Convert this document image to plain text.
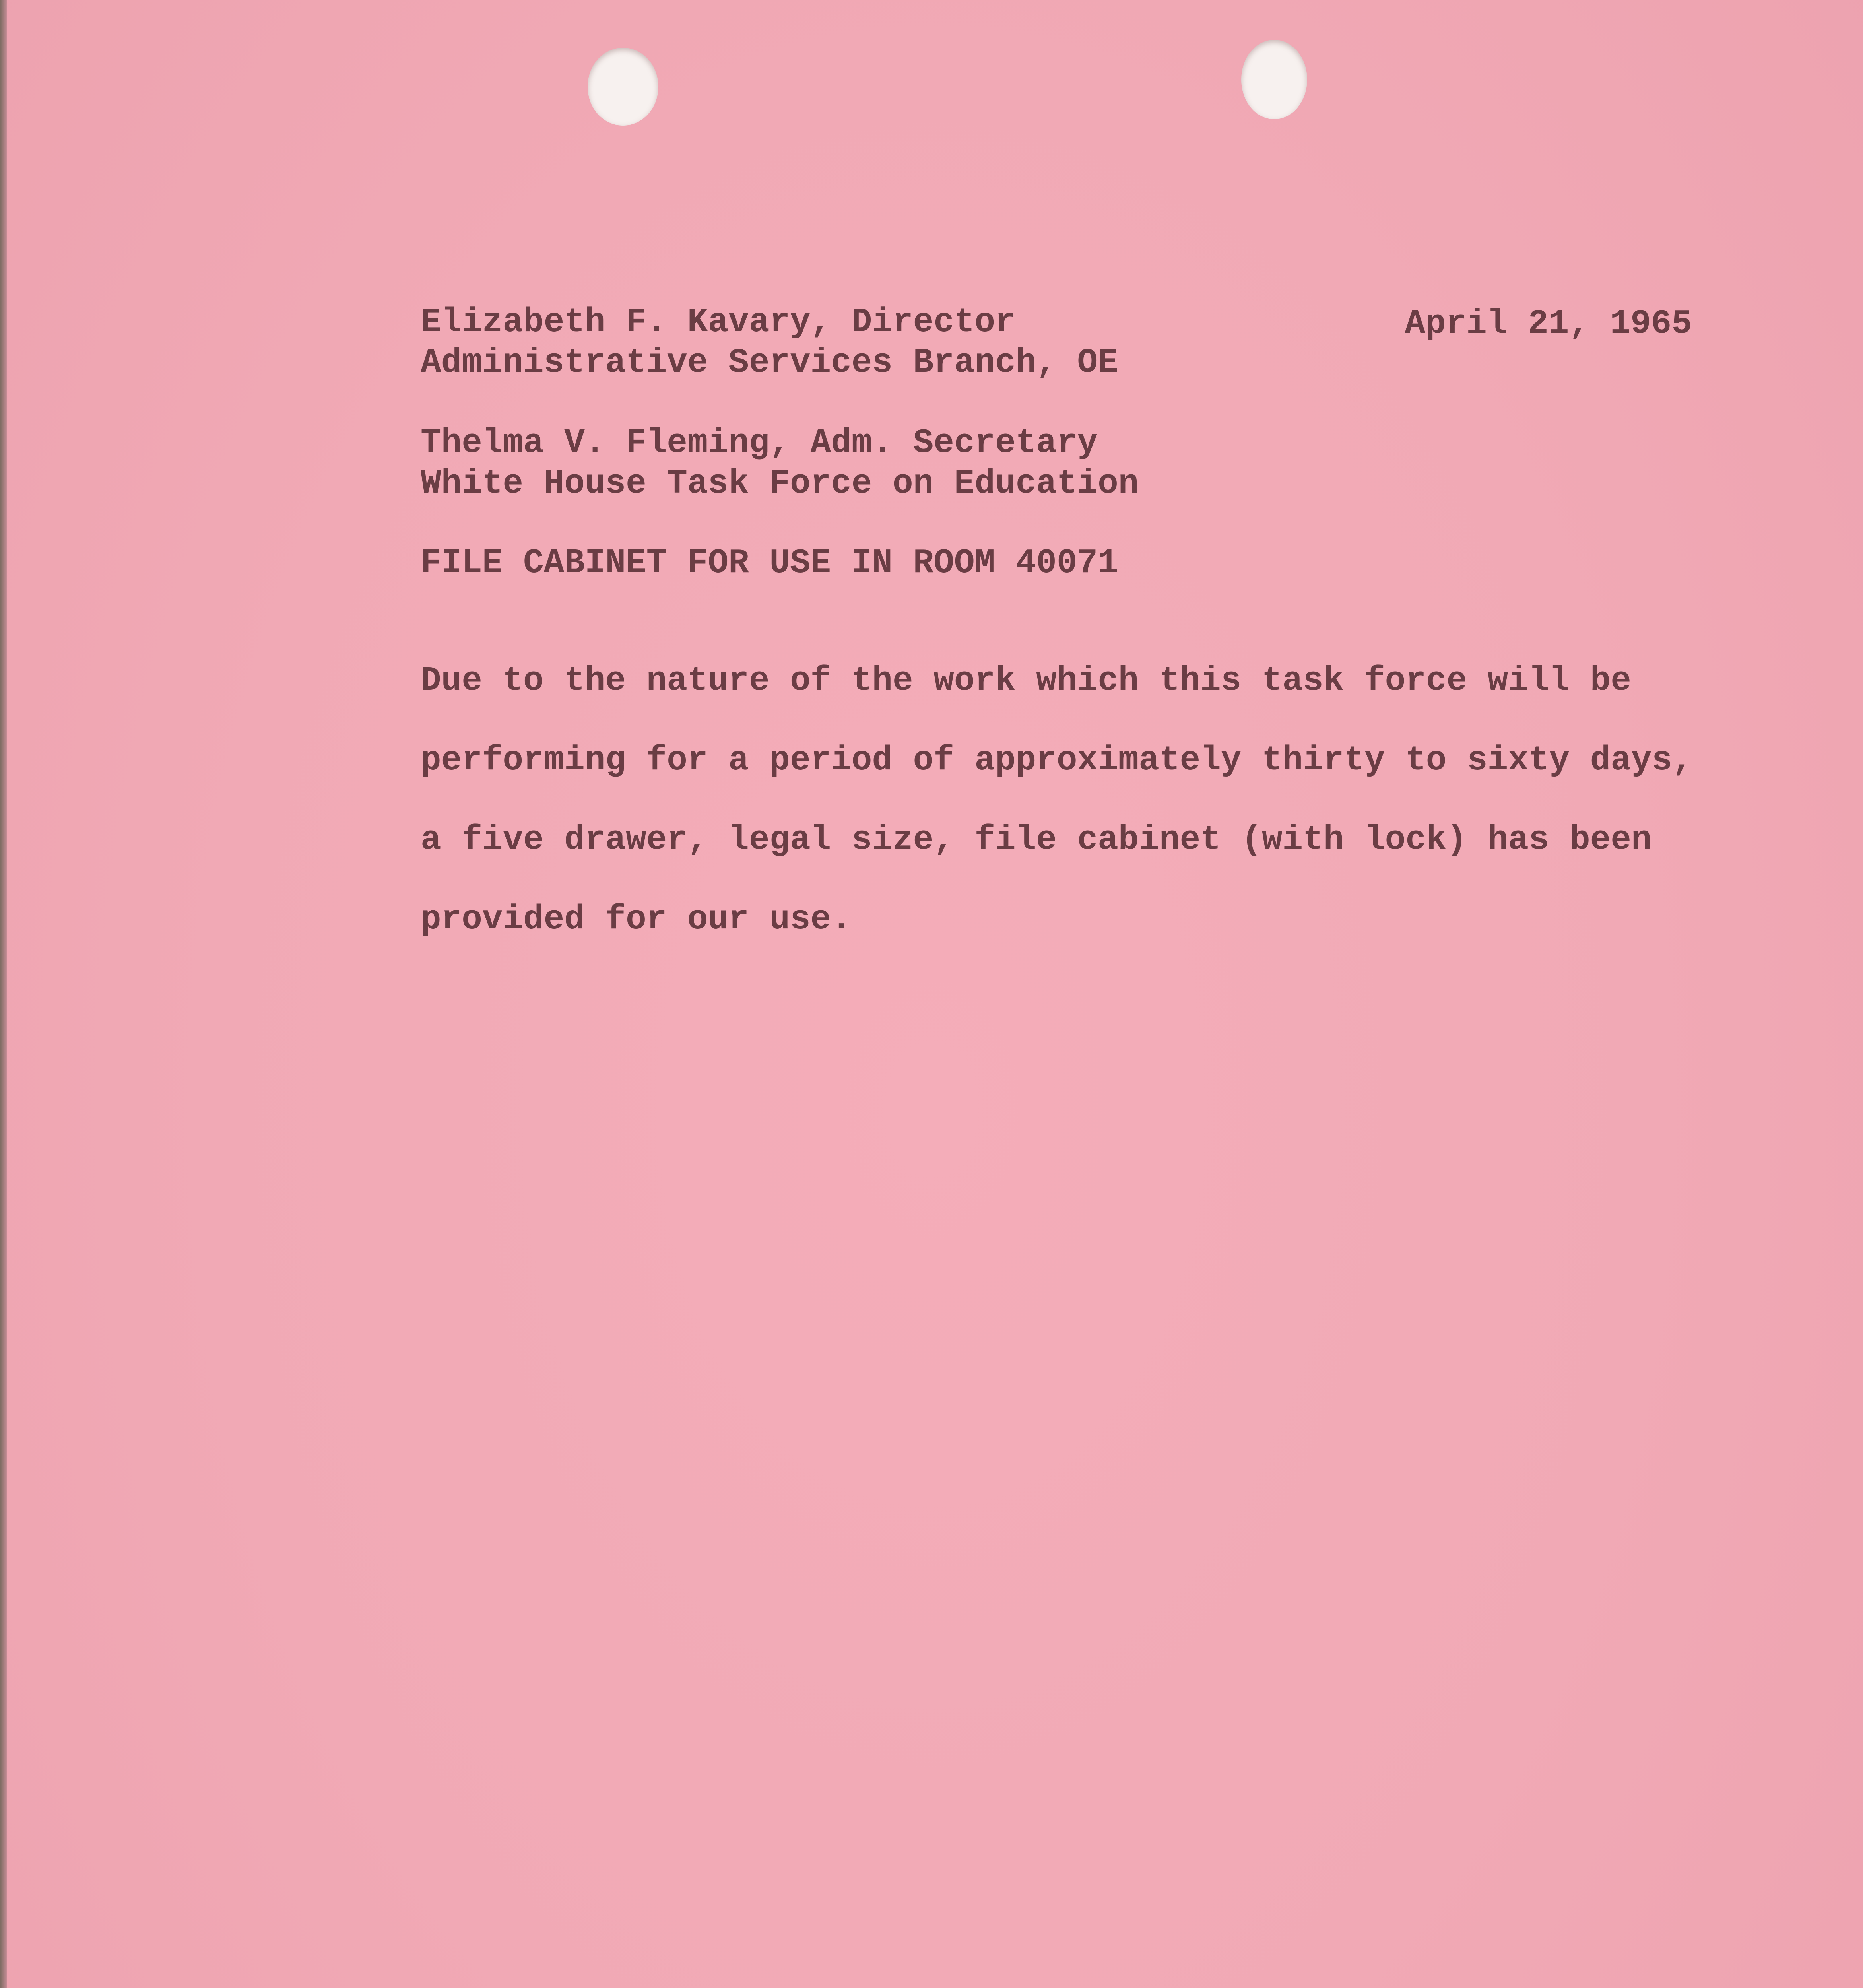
Elizabeth F. Kavary, Director
Administrative Services Branch, OE
April 21, 1965
Thelma V. Fleming, Adm. Secretary
White House Task Force on Education
FILE CABINET FOR USE IN ROOM 40071
Due to the nature of the work which this task force will be
performing for a period of approximately thirty to sixty days,
a five drawer, legal size, file cabinet (with lock) has been
provided for our use.
